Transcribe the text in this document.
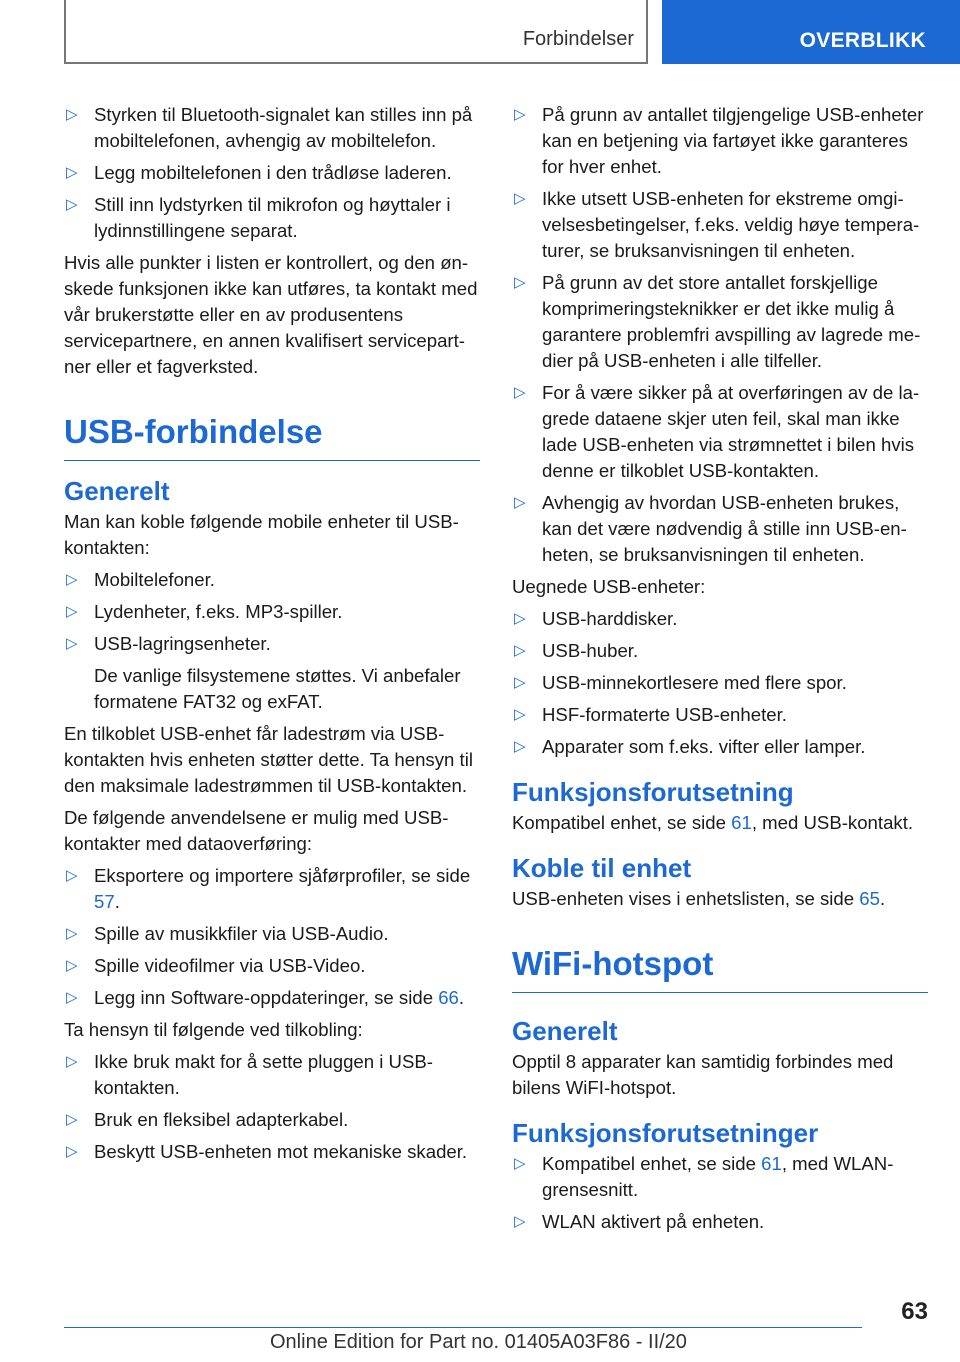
Forbindelser	OVERBLIKK
▷ Styrken til Bluetooth-signalet kan stilles inn på mobiltelefonen, avhengig av mobiltelefon.
▷ Legg mobiltelefonen i den trådløse laderen.
▷ Still inn lydstyrken til mikrofon og høyttaler i lydinnstillingene separat.

Hvis alle punkter i listen er kontrollert, og den ønskede funksjonen ikke kan utføres, ta kontakt med vår brukerstøtte eller en av produsentens servicepartnere, en annen kvalifisert servicepartner eller et fagverksted.

USB-forbindelse
Generelt

Man kan koble følgende mobile enheter til USB-kontakten:

▷ Mobiltelefoner.
▷ Lydenheter, f.eks. MP3-spiller.
▷ USB-lagringsenheter.
De vanlige filsystemene støttes. Vi anbefaler formatene FAT32 og exFAT.

En tilkoblet USB-enhet får ladestrøm via USB-kontakten hvis enheten støtter dette. Ta hensyn til den maksimale ladestrømmen til USB-kontakten.

De følgende anvendelsene er mulig med USB-kontakter med dataoverføring:

▷ Eksportere og importere sjåførprofiler, se side 57.
▷ Spille av musikkfiler via USB-Audio.
▷ Spille videofilmer via USB-Video.
▷ Legg inn Software-oppdateringer, se side 66.

Ta hensyn til følgende ved tilkobling:

▷ Ikke bruk makt for å sette pluggen i USB-kontakten.
▷ Bruk en fleksibel adapterkabel.
▷ Beskytt USB-enheten mot mekaniske skader.
▷ På grunn av antallet tilgjengelige USB-enheter kan en betjening via fartøyet ikke garanteres for hver enhet.
▷ Ikke utsett USB-enheten for ekstreme omgivelsesbetingelser, f.eks. veldig høye temperaturer, se bruksanvisningen til enheten.
▷ På grunn av det store antallet forskjellige komprimeringsteknikker er det ikke mulig å garantere problemfri avspilling av lagrede medier på USB-enheten i alle tilfeller.
▷ For å være sikker på at overføringen av de lagrede dataene skjer uten feil, skal man ikke lade USB-enheten via strømnettet i bilen hvis denne er tilkoblet USB-kontakten.
▷ Avhengig av hvordan USB-enheten brukes, kan det være nødvendig å stille inn USB-enheten, se bruksanvisningen til enheten.

Uegnede USB-enheter:

▷ USB-harddisker.
▷ USB-huber.
▷ USB-minnekortlesere med flere spor.
▷ HSF-formaterte USB-enheter.
▷ Apparater som f.eks. vifter eller lamper.
Funksjonsforutsetning

Kompatibel enhet, se side 61, med USB-kontakt.

Koble til enhet

USB-enheten vises i enhetslisten, se side 65.

WiFi-hotspot
Generelt

Opptil 8 apparater kan samtidig forbindes med bilens WiFI-hotspot.

Funksjonsforutsetninger
▷ Kompatibel enhet, se side 61, med WLAN-grensesnitt.
▷ WLAN aktivert på enheten.
63
Online Edition for Part no. 01405A03F86 - II/20
